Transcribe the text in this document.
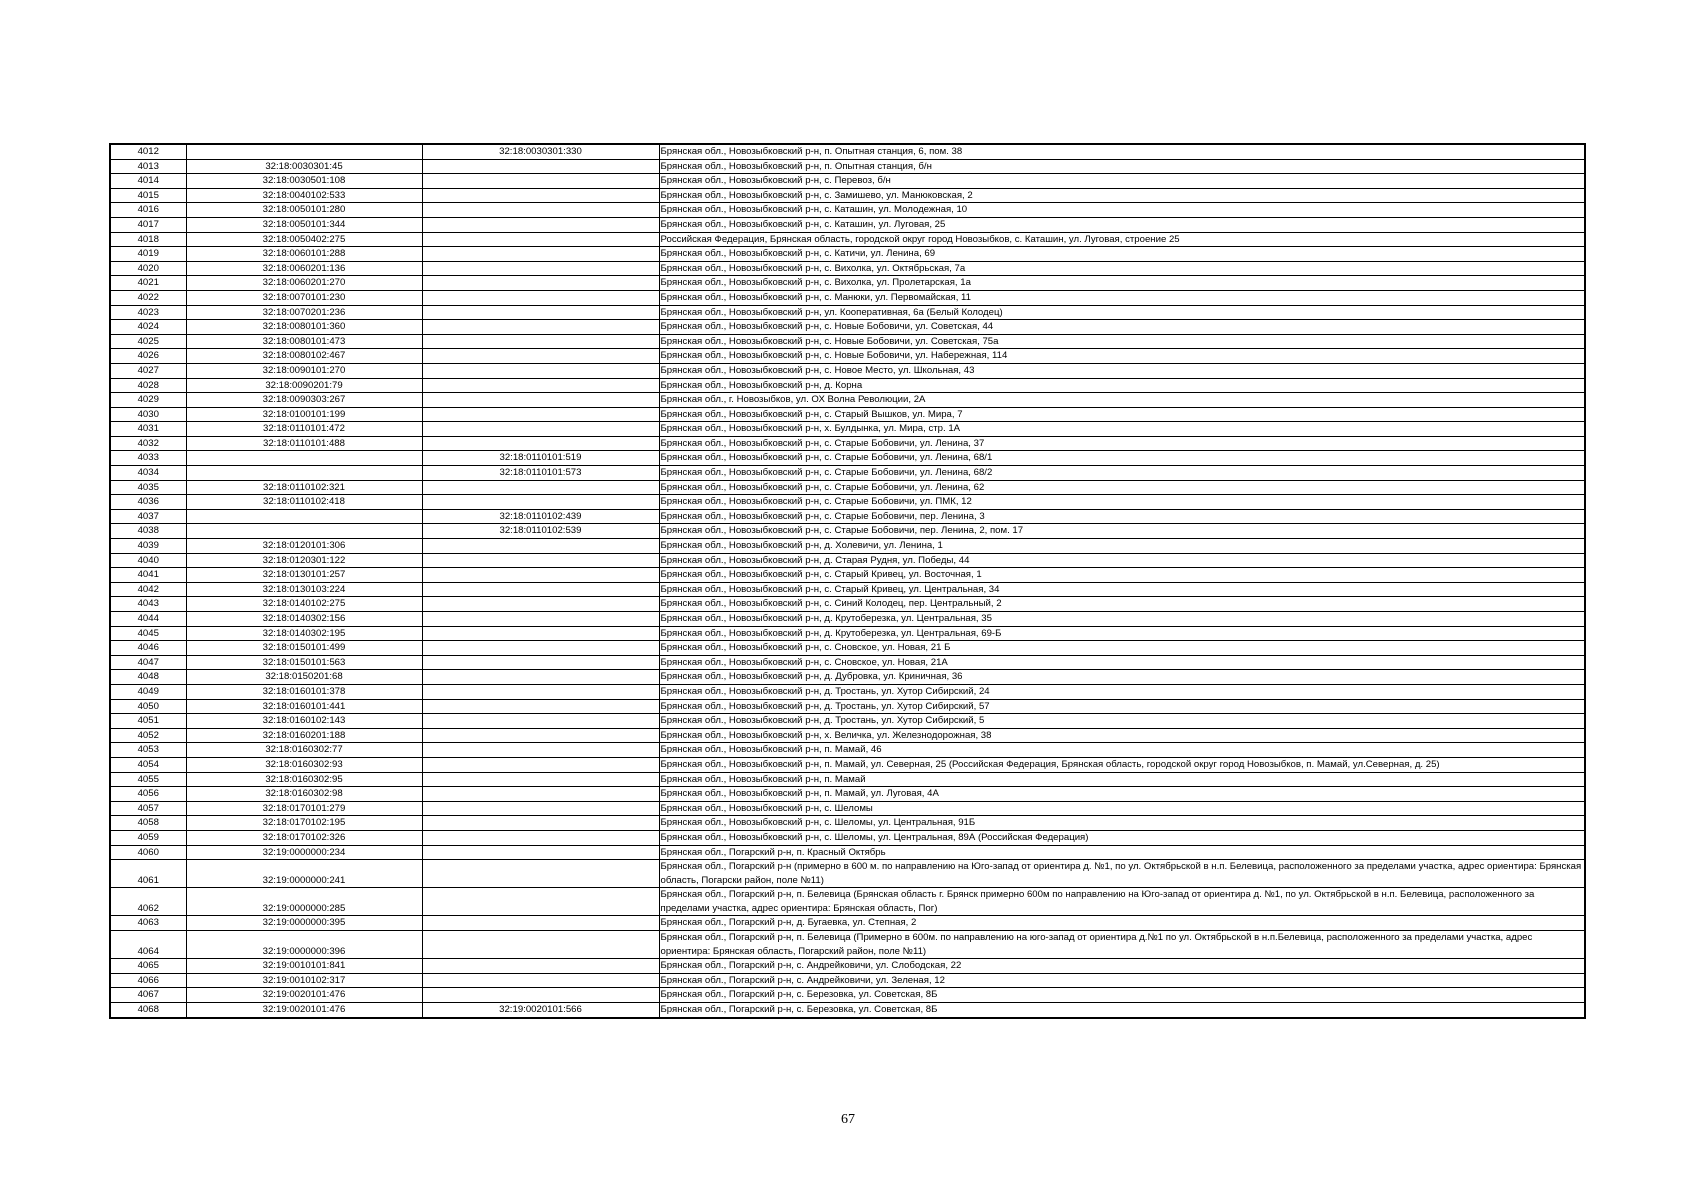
4012		32:18:0030301:330	Брянская обл., Новозыбковский р-н, п. Опытная станция, 6, пом. 38
4013	32:18:0030301:45		Брянская обл., Новозыбковский р-н, п. Опытная станция, б/н
4014	32:18:0030501:108		Брянская обл., Новозыбковский р-н, с. Перевоз, б/н
4015	32:18:0040102:533		Брянская обл., Новозыбковский р-н, с. Замишево, ул. Манюковская, 2
4016	32:18:0050101:280		Брянская обл., Новозыбковский р-н, с. Каташин, ул. Молодежная, 10
4017	32:18:0050101:344		Брянская обл., Новозыбковский р-н, с. Каташин, ул. Луговая, 25
4018	32:18:0050402:275		Российская Федерация, Брянская область, городской округ город Новозыбков, с. Каташин, ул. Луговая, строение 25
4019	32:18:0060101:288		Брянская обл., Новозыбковский р-н, с. Катичи, ул. Ленина, 69
4020	32:18:0060201:136		Брянская обл., Новозыбковский р-н, с. Вихолка, ул. Октябрьская, 7а
4021	32:18:0060201:270		Брянская обл., Новозыбковский р-н, с. Вихолка, ул. Пролетарская, 1а
4022	32:18:0070101:230		Брянская обл., Новозыбковский р-н, с. Манюки, ул. Первомайская, 11
4023	32:18:0070201:236		Брянская обл., Новозыбковский р-н, ул. Кооперативная, 6а (Белый Колодец)
4024	32:18:0080101:360		Брянская обл., Новозыбковский р-н, с. Новые Бобовичи, ул. Советская, 44
4025	32:18:0080101:473		Брянская обл., Новозыбковский р-н, с. Новые Бобовичи, ул. Советская, 75а
4026	32:18:0080102:467		Брянская обл., Новозыбковский р-н, с. Новые Бобовичи, ул. Набережная, 114
4027	32:18:0090101:270		Брянская обл., Новозыбковский р-н, с. Новое Место, ул. Школьная, 43
4028	32:18:0090201:79		Брянская обл., Новозыбковский р-н, д. Корна
4029	32:18:0090303:267		Брянская обл., г. Новозыбков, ул. ОХ Волна Революции, 2А
4030	32:18:0100101:199		Брянская обл., Новозыбковский р-н, с. Старый Вышков, ул. Мира, 7
4031	32:18:0110101:472		Брянская обл., Новозыбковский р-н, х. Булдынка, ул. Мира, стр. 1А
4032	32:18:0110101:488		Брянская обл., Новозыбковский р-н, с. Старые Бобовичи, ул. Ленина, 37
4033		32:18:0110101:519	Брянская обл., Новозыбковский р-н, с. Старые Бобовичи, ул. Ленина, 68/1
4034		32:18:0110101:573	Брянская обл., Новозыбковский р-н, с. Старые Бобовичи, ул. Ленина, 68/2
4035	32:18:0110102:321		Брянская обл., Новозыбковский р-н, с. Старые Бобовичи, ул. Ленина, 62
4036	32:18:0110102:418		Брянская обл., Новозыбковский р-н, с. Старые Бобовичи, ул. ПМК, 12
4037		32:18:0110102:439	Брянская обл., Новозыбковский р-н, с. Старые Бобовичи, пер. Ленина, 3
4038		32:18:0110102:539	Брянская обл., Новозыбковский р-н, с. Старые Бобовичи, пер. Ленина, 2, пом. 17
4039	32:18:0120101:306		Брянская обл., Новозыбковский р-н, д. Холевичи, ул. Ленина, 1
4040	32:18:0120301:122		Брянская обл., Новозыбковский р-н, д. Старая Рудня, ул. Победы, 44
4041	32:18:0130101:257		Брянская обл., Новозыбковский р-н, с. Старый Кривец, ул. Восточная, 1
4042	32:18:0130103:224		Брянская обл., Новозыбковский р-н, с. Старый Кривец, ул. Центральная, 34
4043	32:18:0140102:275		Брянская обл., Новозыбковский р-н, с. Синий Колодец, пер. Центральный, 2
4044	32:18:0140302:156		Брянская обл., Новозыбковский р-н, д. Крутоберезка, ул. Центральная, 35
4045	32:18:0140302:195		Брянская обл., Новозыбковский р-н, д. Крутоберезка, ул. Центральная, 69-Б
4046	32:18:0150101:499		Брянская обл., Новозыбковский р-н, с. Сновское, ул. Новая, 21 Б
4047	32:18:0150101:563		Брянская обл., Новозыбковский р-н, с. Сновское, ул. Новая, 21А
4048	32:18:0150201:68		Брянская обл., Новозыбковский р-н, д. Дубровка, ул. Криничная, 36
4049	32:18:0160101:378		Брянская обл., Новозыбковский р-н, д. Тростань, ул. Хутор Сибирский, 24
4050	32:18:0160101:441		Брянская обл., Новозыбковский р-н, д. Тростань, ул. Хутор Сибирский, 57
4051	32:18:0160102:143		Брянская обл., Новозыбковский р-н, д. Тростань, ул. Хутор Сибирский, 5
4052	32:18:0160201:188		Брянская обл., Новозыбковский р-н, х. Величка, ул. Железнодорожная, 38
4053	32:18:0160302:77		Брянская обл., Новозыбковский р-н, п. Мамай, 46
4054	32:18:0160302:93		Брянская обл., Новозыбковский р-н, п. Мамай, ул. Северная, 25 (Российская Федерация, Брянская область, городской округ город Новозыбков, п. Мамай, ул.Северная, д. 25)
4055	32:18:0160302:95		Брянская обл., Новозыбковский р-н, п. Мамай
4056	32:18:0160302:98		Брянская обл., Новозыбковский р-н, п. Мамай, ул. Луговая, 4А
4057	32:18:0170101:279		Брянская обл., Новозыбковский р-н, с. Шеломы
4058	32:18:0170102:195		Брянская обл., Новозыбковский р-н, с. Шеломы, ул. Центральная, 91Б
4059	32:18:0170102:326		Брянская обл., Новозыбковский р-н, с. Шеломы, ул. Центральная, 89А (Российская Федерация)
4060	32:19:0000000:234		Брянская обл., Погарский р-н, п. Красный Октябрь
4061	32:19:0000000:241		Брянская обл., Погарский р-н (примерно в 600 м. по направлению на Юго-запад от ориентира д. №1, по ул. Октябрьской в н.п. Белевица, расположенного за пределами участка, адрес ориентира: Брянская область, Погарски район, поле №11)
4062	32:19:0000000:285		Брянская обл., Погарский р-н, п. Белевица (Брянская область г. Брянск примерно 600м по направлению на Юго-запад от ориентира д. №1, по ул. Октябрьской в н.п. Белевица, расположенного за пределами участка, адрес ориентира: Брянская область, Пог)
4063	32:19:0000000:395		Брянская обл., Погарский р-н, д. Бугаевка, ул. Степная, 2
4064	32:19:0000000:396		Брянская обл., Погарский р-н, п. Белевица (Примерно в 600м. по направлению на юго-запад от ориентира д.№1 по ул. Октябрьской в н.п.Белевица, расположенного за пределами участка, адрес ориентира: Брянская область, Погарский район, поле №11)
4065	32:19:0010101:841		Брянская обл., Погарский р-н, с. Андрейковичи, ул. Слободская, 22
4066	32:19:0010102:317		Брянская обл., Погарский р-н, с. Андрейковичи, ул. Зеленая, 12
4067	32:19:0020101:476		Брянская обл., Погарский р-н, с. Березовка, ул. Советская, 8Б
4068	32:19:0020101:476	32:19:0020101:566	Брянская обл., Погарский р-н, с. Березовка, ул. Советская, 8Б
67
